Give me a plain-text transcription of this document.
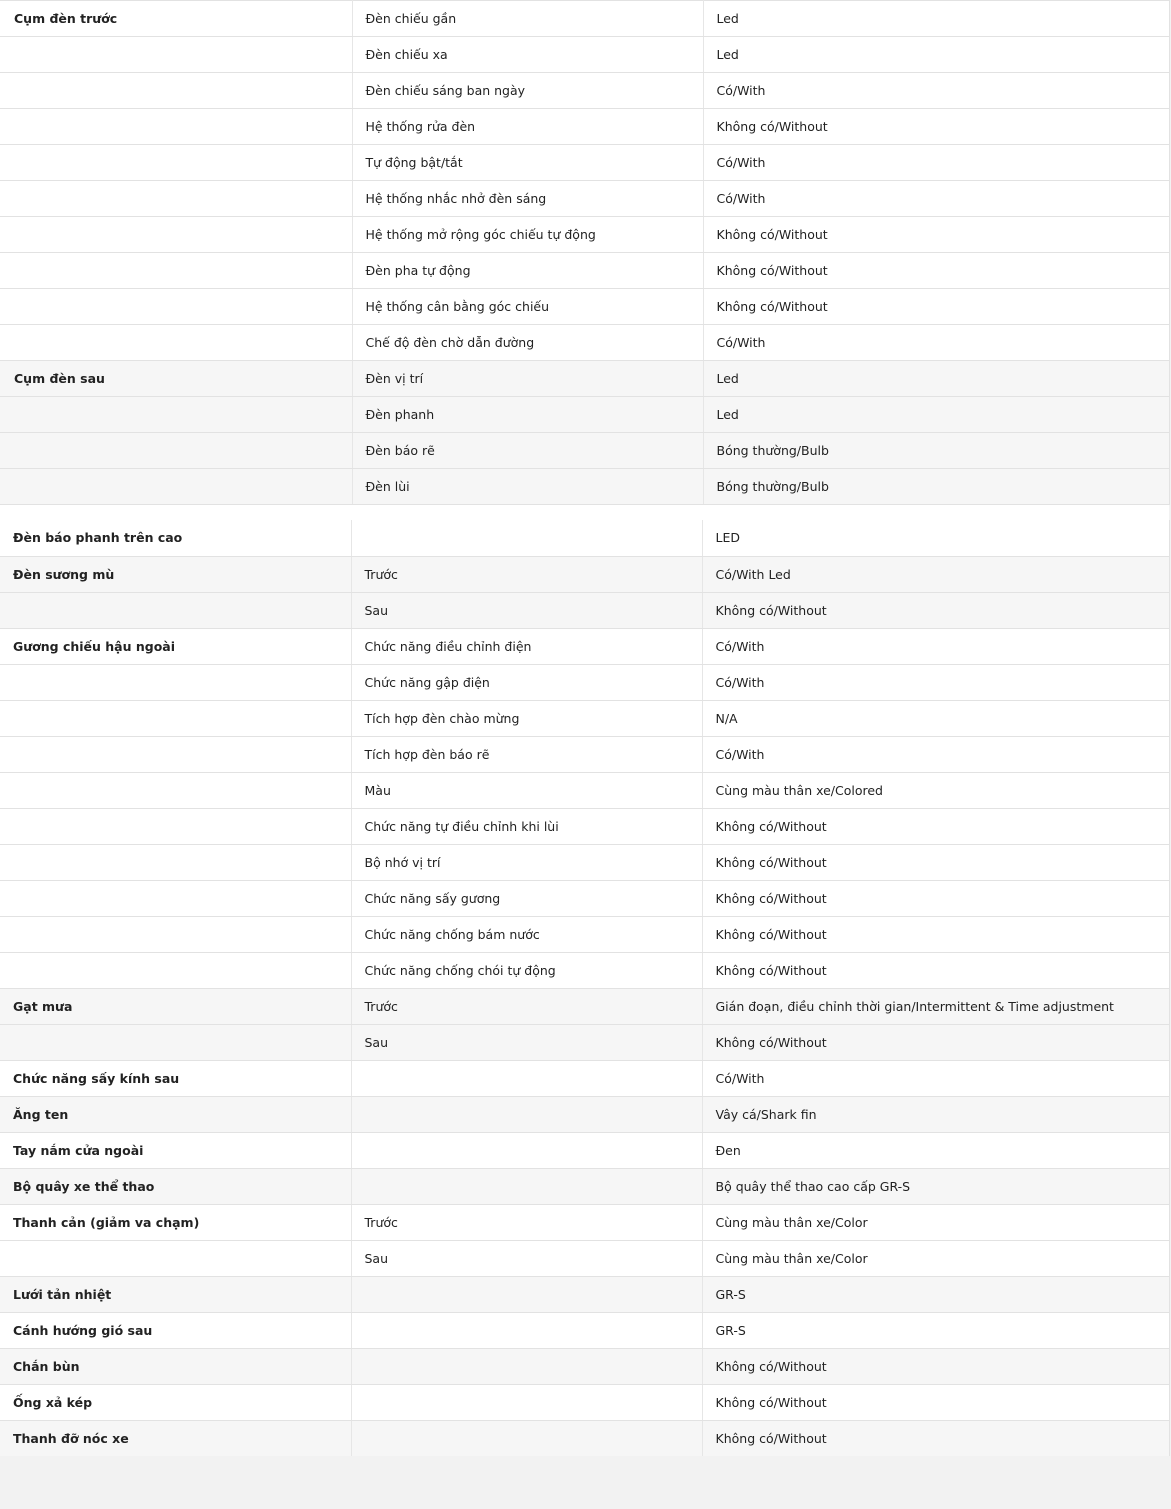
Cụm đèn trước	Đèn chiếu gần	Led
	Đèn chiếu xa	Led
	Đèn chiếu sáng ban ngày	Có/With
	Hệ thống rửa đèn	Không có/Without
	Tự động bật/tắt	Có/With
	Hệ thống nhắc nhở đèn sáng	Có/With
	Hệ thống mở rộng góc chiếu tự động	Không có/Without
	Đèn pha tự động	Không có/Without
	Hệ thống cân bằng góc chiếu	Không có/Without
	Chế độ đèn chờ dẫn đường	Có/With
Cụm đèn sau	Đèn vị trí	Led
	Đèn phanh	Led
	Đèn báo rẽ	Bóng thường/Bulb
	Đèn lùi	Bóng thường/Bulb
Đèn báo phanh trên cao		LED
Đèn sương mù	Trước	Có/With Led
	Sau	Không có/Without
Gương chiếu hậu ngoài	Chức năng điều chỉnh điện	Có/With
	Chức năng gập điện	Có/With
	Tích hợp đèn chào mừng	N/A
	Tích hợp đèn báo rẽ	Có/With
	Màu	Cùng màu thân xe/Colored
	Chức năng tự điều chỉnh khi lùi	Không có/Without
	Bộ nhớ vị trí	Không có/Without
	Chức năng sấy gương	Không có/Without
	Chức năng chống bám nước	Không có/Without
	Chức năng chống chói tự động	Không có/Without
Gạt mưa	Trước	Gián đoạn, điều chỉnh thời gian/Intermittent & Time adjustment
	Sau	Không có/Without
Chức năng sấy kính sau		Có/With
Ăng ten		Vây cá/Shark fin
Tay nắm cửa ngoài		Đen
Bộ quây xe thể thao		Bộ quây thể thao cao cấp GR-S
Thanh cản (giảm va chạm)	Trước	Cùng màu thân xe/Color
	Sau	Cùng màu thân xe/Color
Lưới tản nhiệt		GR-S
Cánh hướng gió sau		GR-S
Chắn bùn		Không có/Without
Ống xả kép		Không có/Without
Thanh đỡ nóc xe		Không có/Without
